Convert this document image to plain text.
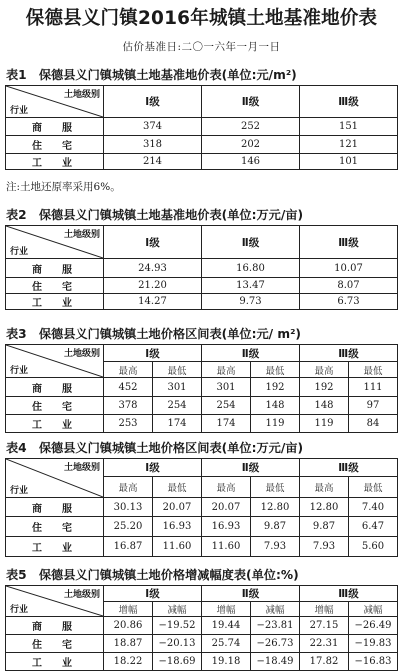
保德县义门镇2016年城镇土地基准地价表
估价基准日:二〇一六年一月一日
表1　保德县义门镇城镇土地基准地价表(单位:元/m²)
土地级别
行业	Ⅰ级	Ⅱ级	Ⅲ级
商　服	374	252	151
住　宅	318	202	121
工　业	214	146	101
注:土地还原率采用6%。
表2　保德县义门镇城镇土地基准地价表(单位:万元/亩)
土地级别
行业	Ⅰ级	Ⅱ级	Ⅲ级
商　服	24.93	16.80	10.07
住　宅	21.20	13.47	8.07
工　业	14.27	9.73	6.73
表3　保德县义门镇城镇土地价格区间表(单位:元/ m²)
土地级别
行业	Ⅰ级		Ⅱ级		Ⅲ级	
	最高	最低	最高	最低	最高	最低
商　服	452	301	301	192	192	111
住　宅	378	254	254	148	148	97
工　业	253	174	174	119	119	84
表4　保德县义门镇城镇土地价格区间表(单位:万元/亩)
土地级别
行业	Ⅰ级		Ⅱ级		Ⅲ级	
	最高	最低	最高	最低	最高	最低
商　服	30.13	20.07	20.07	12.80	12.80	7.40
住　宅	25.20	16.93	16.93	9.87	9.87	6.47
工　业	16.87	11.60	11.60	7.93	7.93	5.60
表5　保德县义门镇城镇土地价格增减幅度表(单位:%)
土地级别
行业	Ⅰ级		Ⅱ级		Ⅲ级	
	增幅	减幅	增幅	减幅	增幅	减幅
商　服	20.86	−19.52	19.44	−23.81	27.15	−26.49
住　宅	18.87	−20.13	25.74	−26.73	22.31	−19.83
工　业	18.22	−18.69	19.18	−18.49	17.82	−16.83
